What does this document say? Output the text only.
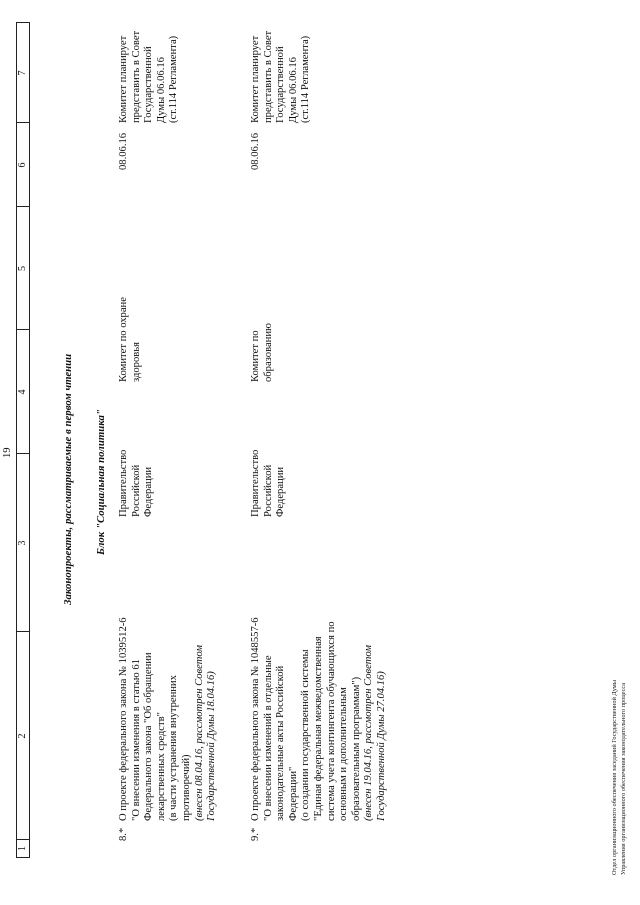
19
1
2
3
4
5
6
7
Законопроекты, рассматриваемые в первом чтении Блок "Социальная политика"
8.*
О проекте федерального закона № 1039512-6 "О внесении изменения в статью 61 Федерального закона "Об обращении лекарственных средств" (в части устранения внутренних противоречий) (внесен 08.04.16, рассмотрен Советом Государственной Думы 18.04.16)
Правительство Российской Федерации
Комитет по охране здоровья
08.06.16
Комитет планирует представить в Совет Государственной Думы 06.06.16 (ст.114 Регламента)
9.*
О проекте федерального закона № 1048557-6 "О внесении изменений в отдельные законодательные акты Российской Федерации" (о создании государственной системы "Единая федеральная межведомственная система учета контингента обучающихся по основным и дополнительным образовательным программам") (внесен 19.04.16, рассмотрен Советом Государственной Думы 27.04.16)
Правительство Российской Федерации
Комитет по образованию
08.06.16
Комитет планирует представить в Совет Государственной Думы 06.06.16 (ст.114 Регламента)
Отдел организационного обеспечения заседаний Государственной Думы Управления организационного обеспечения законодательного процесса
